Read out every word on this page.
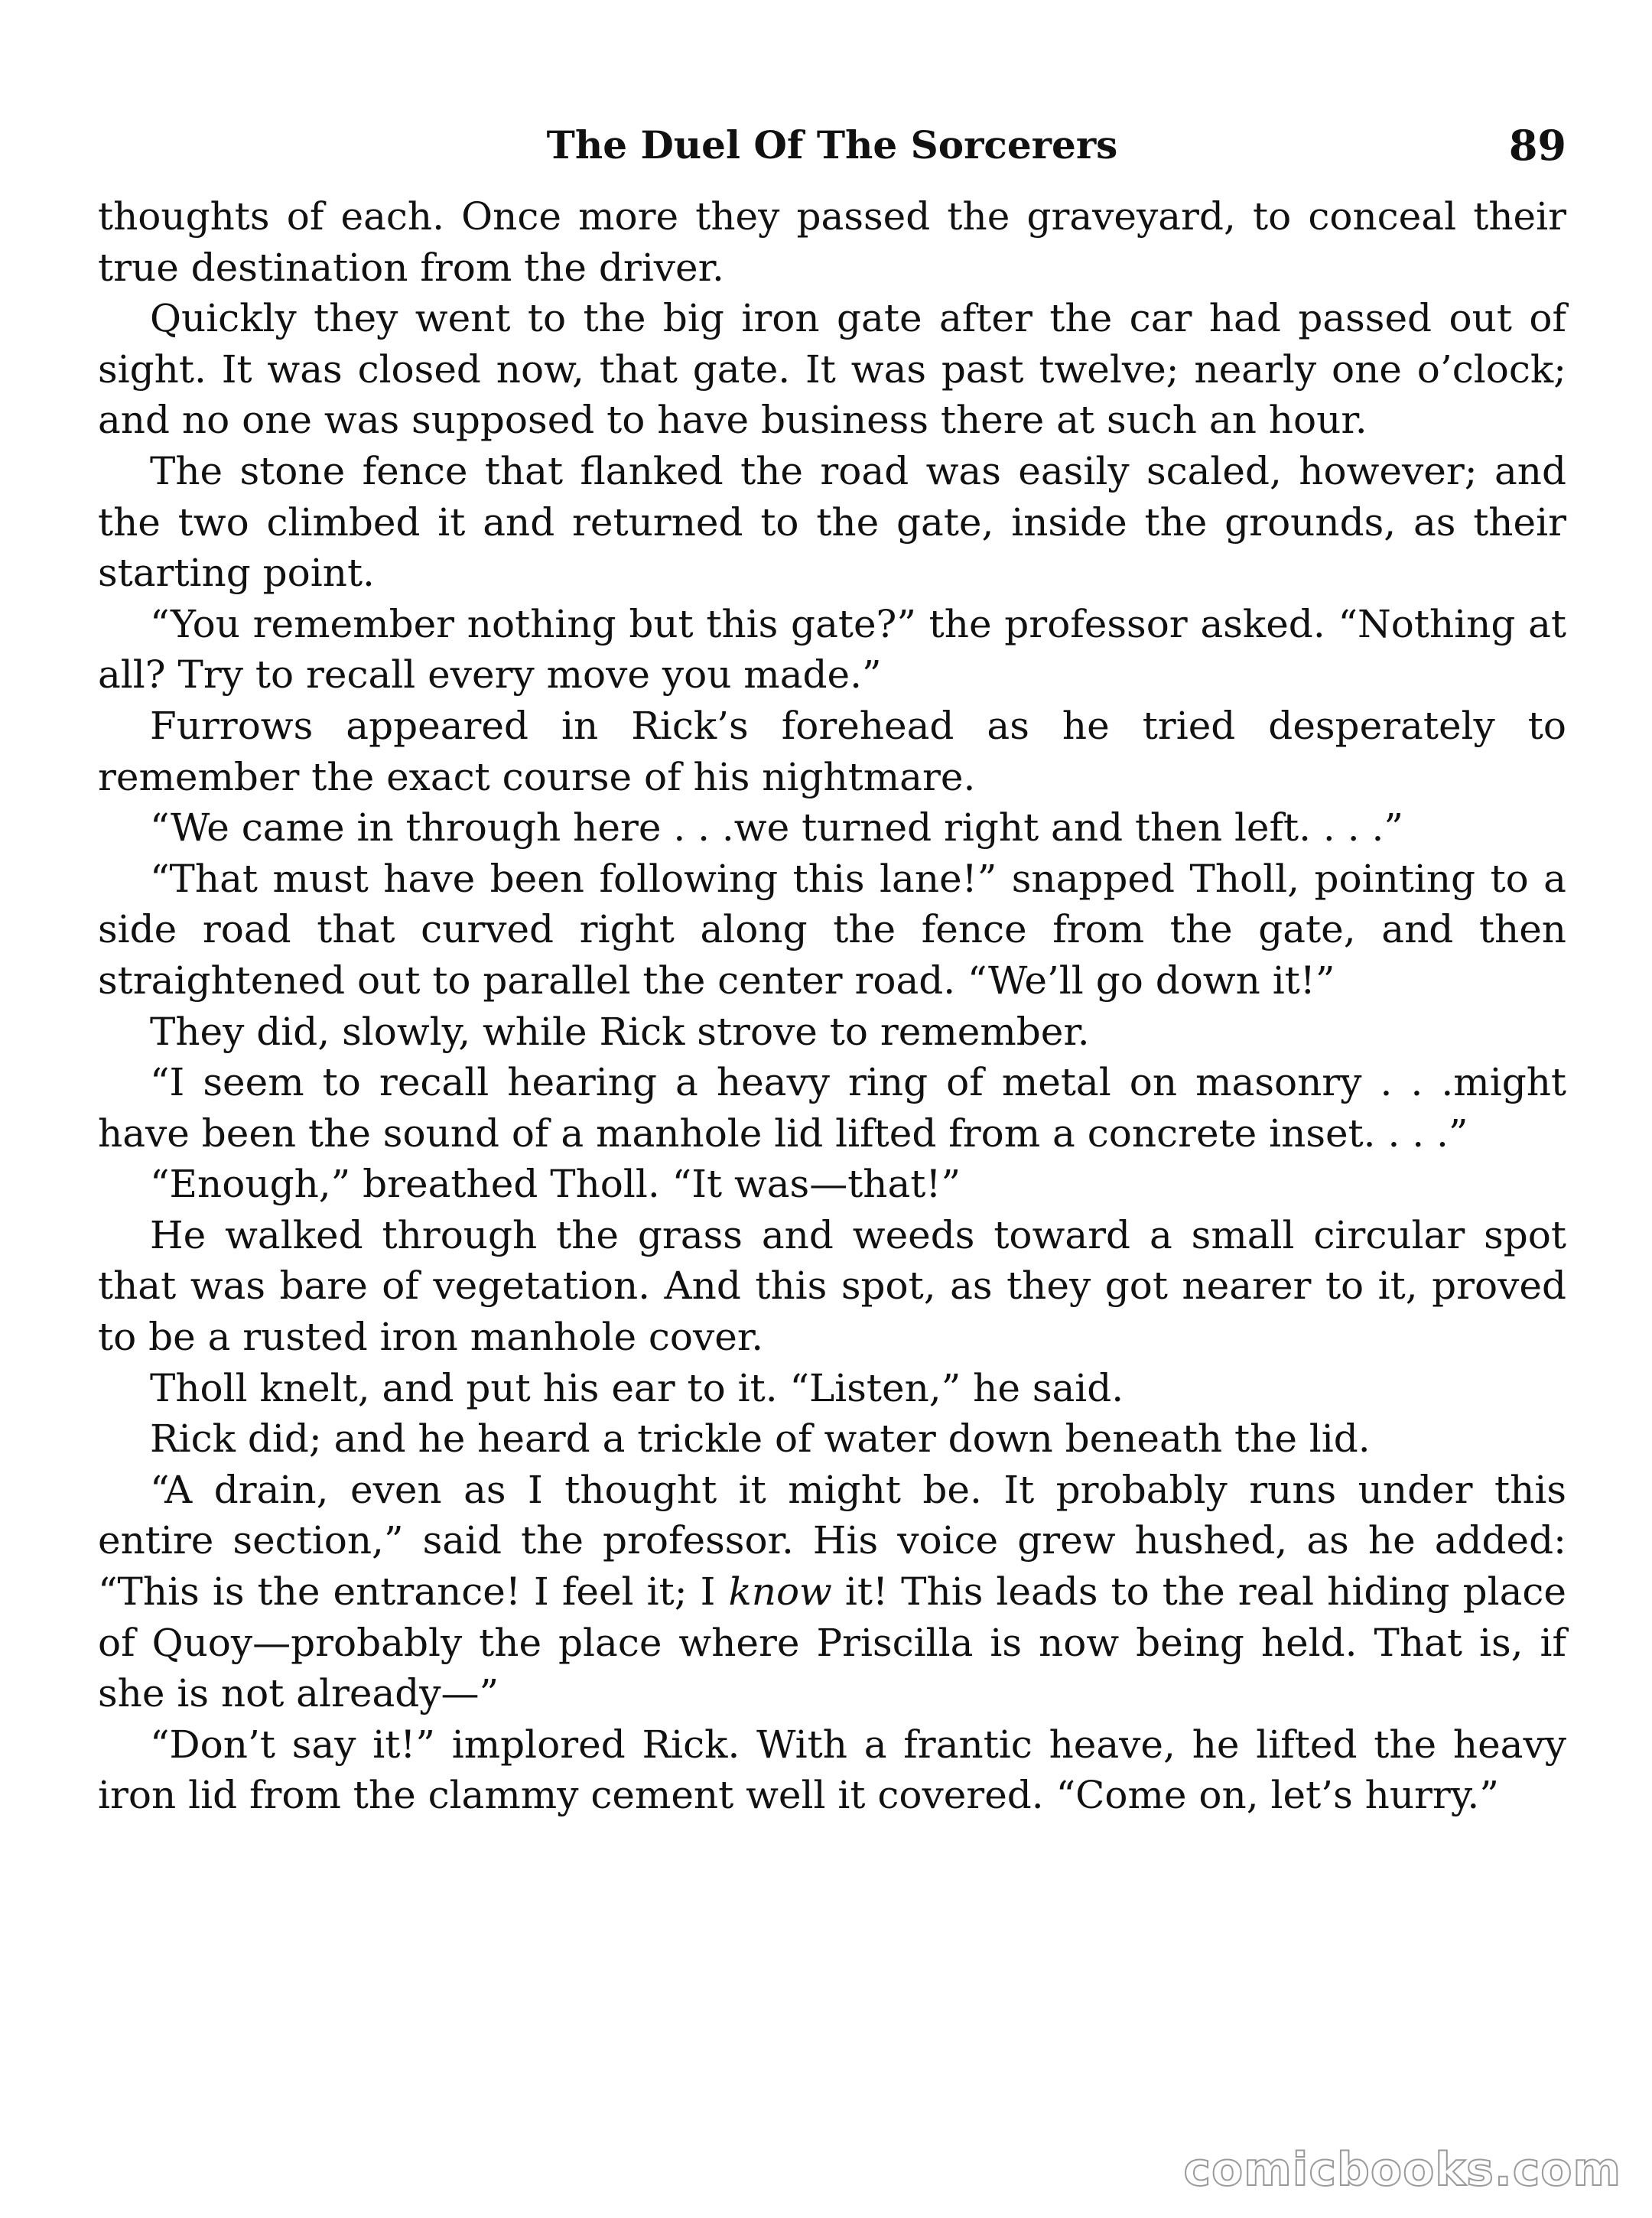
The Duel Of The Sorcerers	89

thoughts of each. Once more they passed the graveyard, to conceal their true destination from the driver.

Quickly they went to the big iron gate after the car had passed out of sight. It was closed now, that gate. It was past twelve; nearly one o’clock; and no one was supposed to have business there at such an hour.

The stone fence that flanked the road was easily scaled, however; and the two climbed it and returned to the gate, inside the grounds, as their starting point.

“You remember nothing but this gate?” the professor asked. “Nothing at all? Try to recall every move you made.”

Furrows appeared in Rick’s forehead as he tried desperately to remember the exact course of his nightmare.

“We came in through here . . .we turned right and then left. . . .”

“That must have been following this lane!” snapped Tholl, pointing to a side road that curved right along the fence from the gate, and then straightened out to parallel the center road. “We’ll go down it!”

They did, slowly, while Rick strove to remember.

“I seem to recall hearing a heavy ring of metal on masonry . . .might have been the sound of a manhole lid lifted from a concrete inset. . . .”

“Enough,” breathed Tholl. “It was—that!”

He walked through the grass and weeds toward a small circular spot that was bare of vegetation. And this spot, as they got nearer to it, proved to be a rusted iron manhole cover.

Tholl knelt, and put his ear to it. “Listen,” he said.

Rick did; and he heard a trickle of water down beneath the lid.

“A drain, even as I thought it might be. It probably runs under this entire section,” said the professor. His voice grew hushed, as he added: “This is the entrance! I feel it; I know it! This leads to the real hiding place of Quoy—probably the place where Priscilla is now being held. That is, if she is not already—”

“Don’t say it!” implored Rick. With a frantic heave, he lifted the heavy iron lid from the clammy cement well it covered. “Come on, let’s hurry.”

comicbooks.com
